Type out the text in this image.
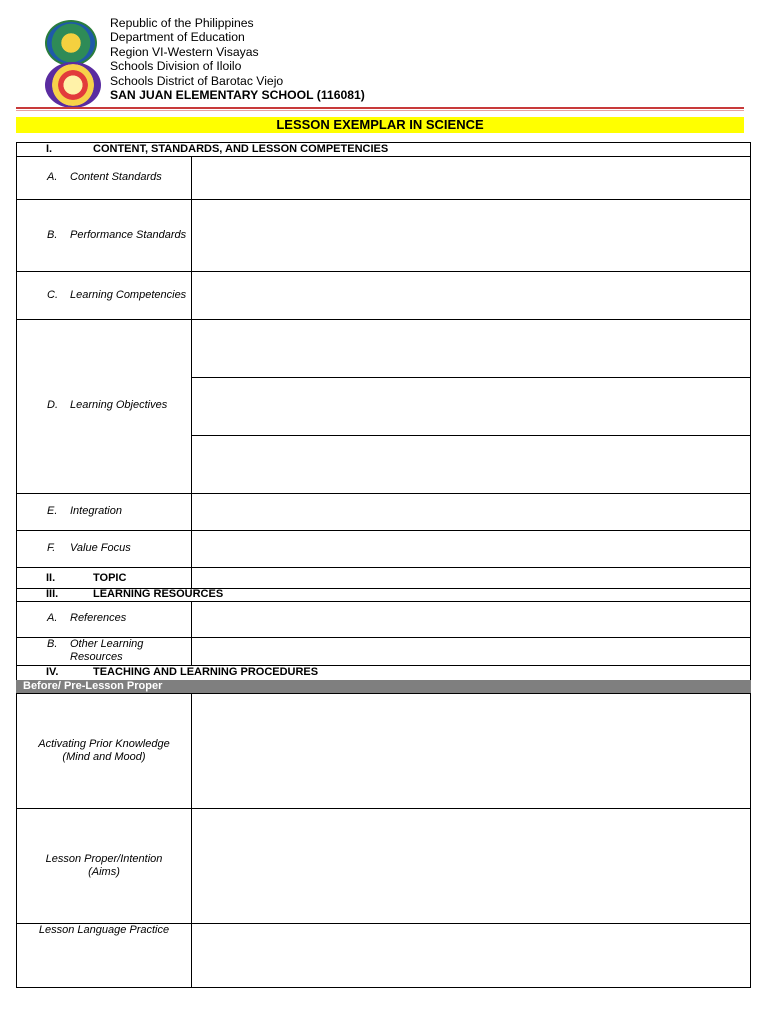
Republic of the Philippines
Department of Education
Region VI-Western Visayas
Schools Division of Iloilo
Schools District of Barotac Viejo
SAN JUAN ELEMENTARY SCHOOL (116081)
LESSON EXEMPLAR IN SCIENCE
I.	CONTENT, STANDARDS, AND LESSON COMPETENCIES
A. Content Standards
B. Performance Standards
C. Learning Competencies
D. Learning Objectives
E. Integration
F. Value Focus
II.	TOPIC
III.	LEARNING RESOURCES
A. References
B. Other Learning
Resources
IV.	TEACHING AND LEARNING PROCEDURES
Before/ Pre-Lesson Proper
Activating Prior Knowledge
(Mind and Mood)
Lesson Proper/Intention
(Aims)
Lesson Language Practice
